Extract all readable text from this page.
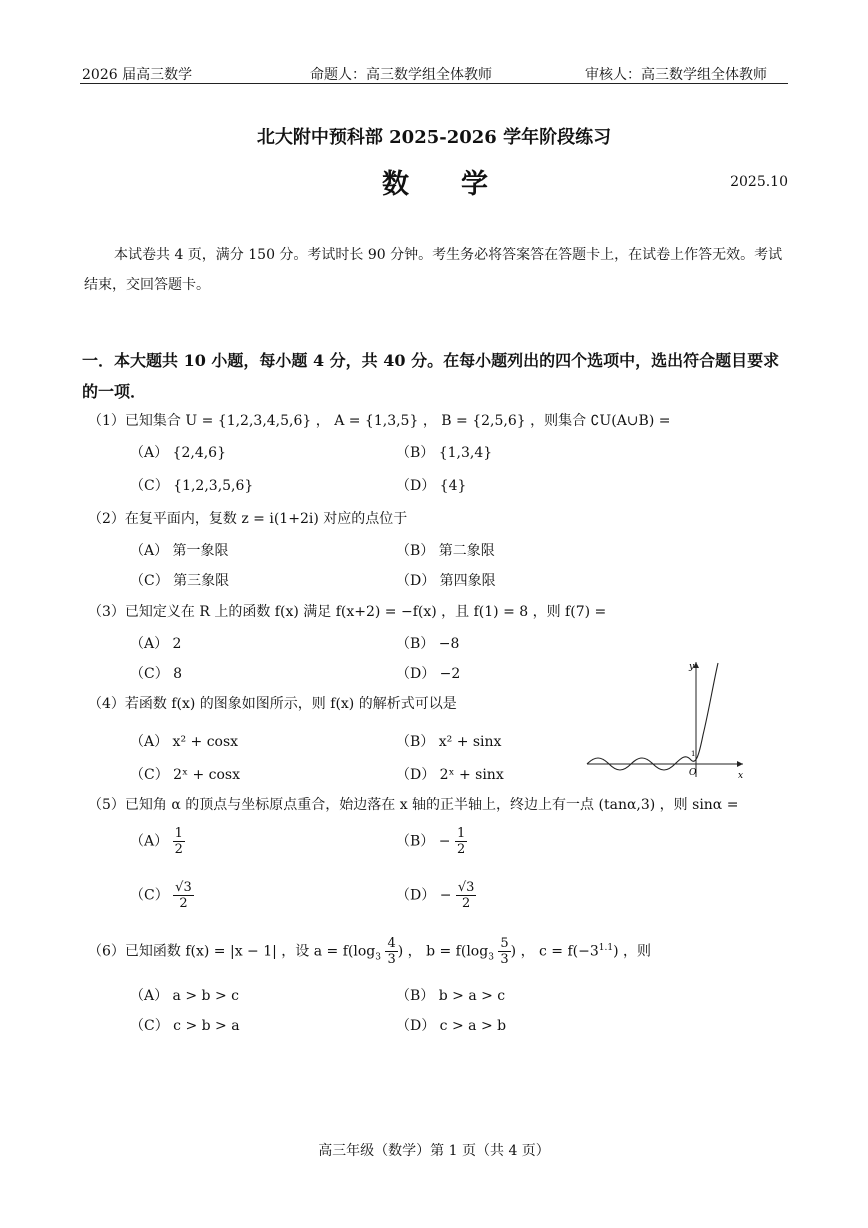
2026 届高三数学	命题人：高三数学组全体教师	审核人：高三数学组全体教师
北大附中预科部 2025-2026 学年阶段练习
数学	2025.10
本试卷共 4 页，满分 150 分。考试时长 90 分钟。考生务必将答案答在答题卡上，在试卷上作答无效。考试结束，交回答题卡。
一．本大题共 10 小题，每小题 4 分，共 40 分。在每小题列出的四个选项中，选出符合题目要求的一项．
（1）已知集合 U = {1,2,3,4,5,6} ， A = {1,3,5} ， B = {2,5,6} ，则集合 ∁U(A∪B) =
（A） {2,4,6}	（B） {1,3,4}
（C） {1,2,3,5,6}	（D） {4}
（2）在复平面内，复数 z = i(1+2i) 对应的点位于
（A） 第一象限	（B） 第二象限
（C） 第三象限	（D） 第四象限
（3）已知定义在 R 上的函数 f(x) 满足 f(x+2) = −f(x) ，且 f(1) = 8 ，则 f(7) =
（A） 2	（B） −8
（C） 8	（D） −2
（4）若函数 f(x) 的图象如图所示，则 f(x) 的解析式可以是
（A） x² + cosx	（B） x² + sinx
（C） 2ˣ + cosx	（D） 2ˣ + sinx
y
x
O
1
（5）已知角 α 的顶点与坐标原点重合，始边落在 x 轴的正半轴上，终边上有一点 (tanα,3) ，则 sinα =
$(A) \frac{1}{2}$	$(B) - \frac{1}{2}$
$(C) \frac{√3}{2}$	$(D) - \frac{√3}{2}$
（6）已知函数 f(x) = |x − 1| ，设 $a = f(\log_3 \frac{4}{3}$ ) ， $b = f(\log_3 \frac{5}{3}$ ) ， $c = f(-3^{1.1})$ ，则
（A） a > b > c	（B） b > a > c
（C） c > b > a	（D） c > a > b
高三年级（数学）第 1 页（共 4 页）
